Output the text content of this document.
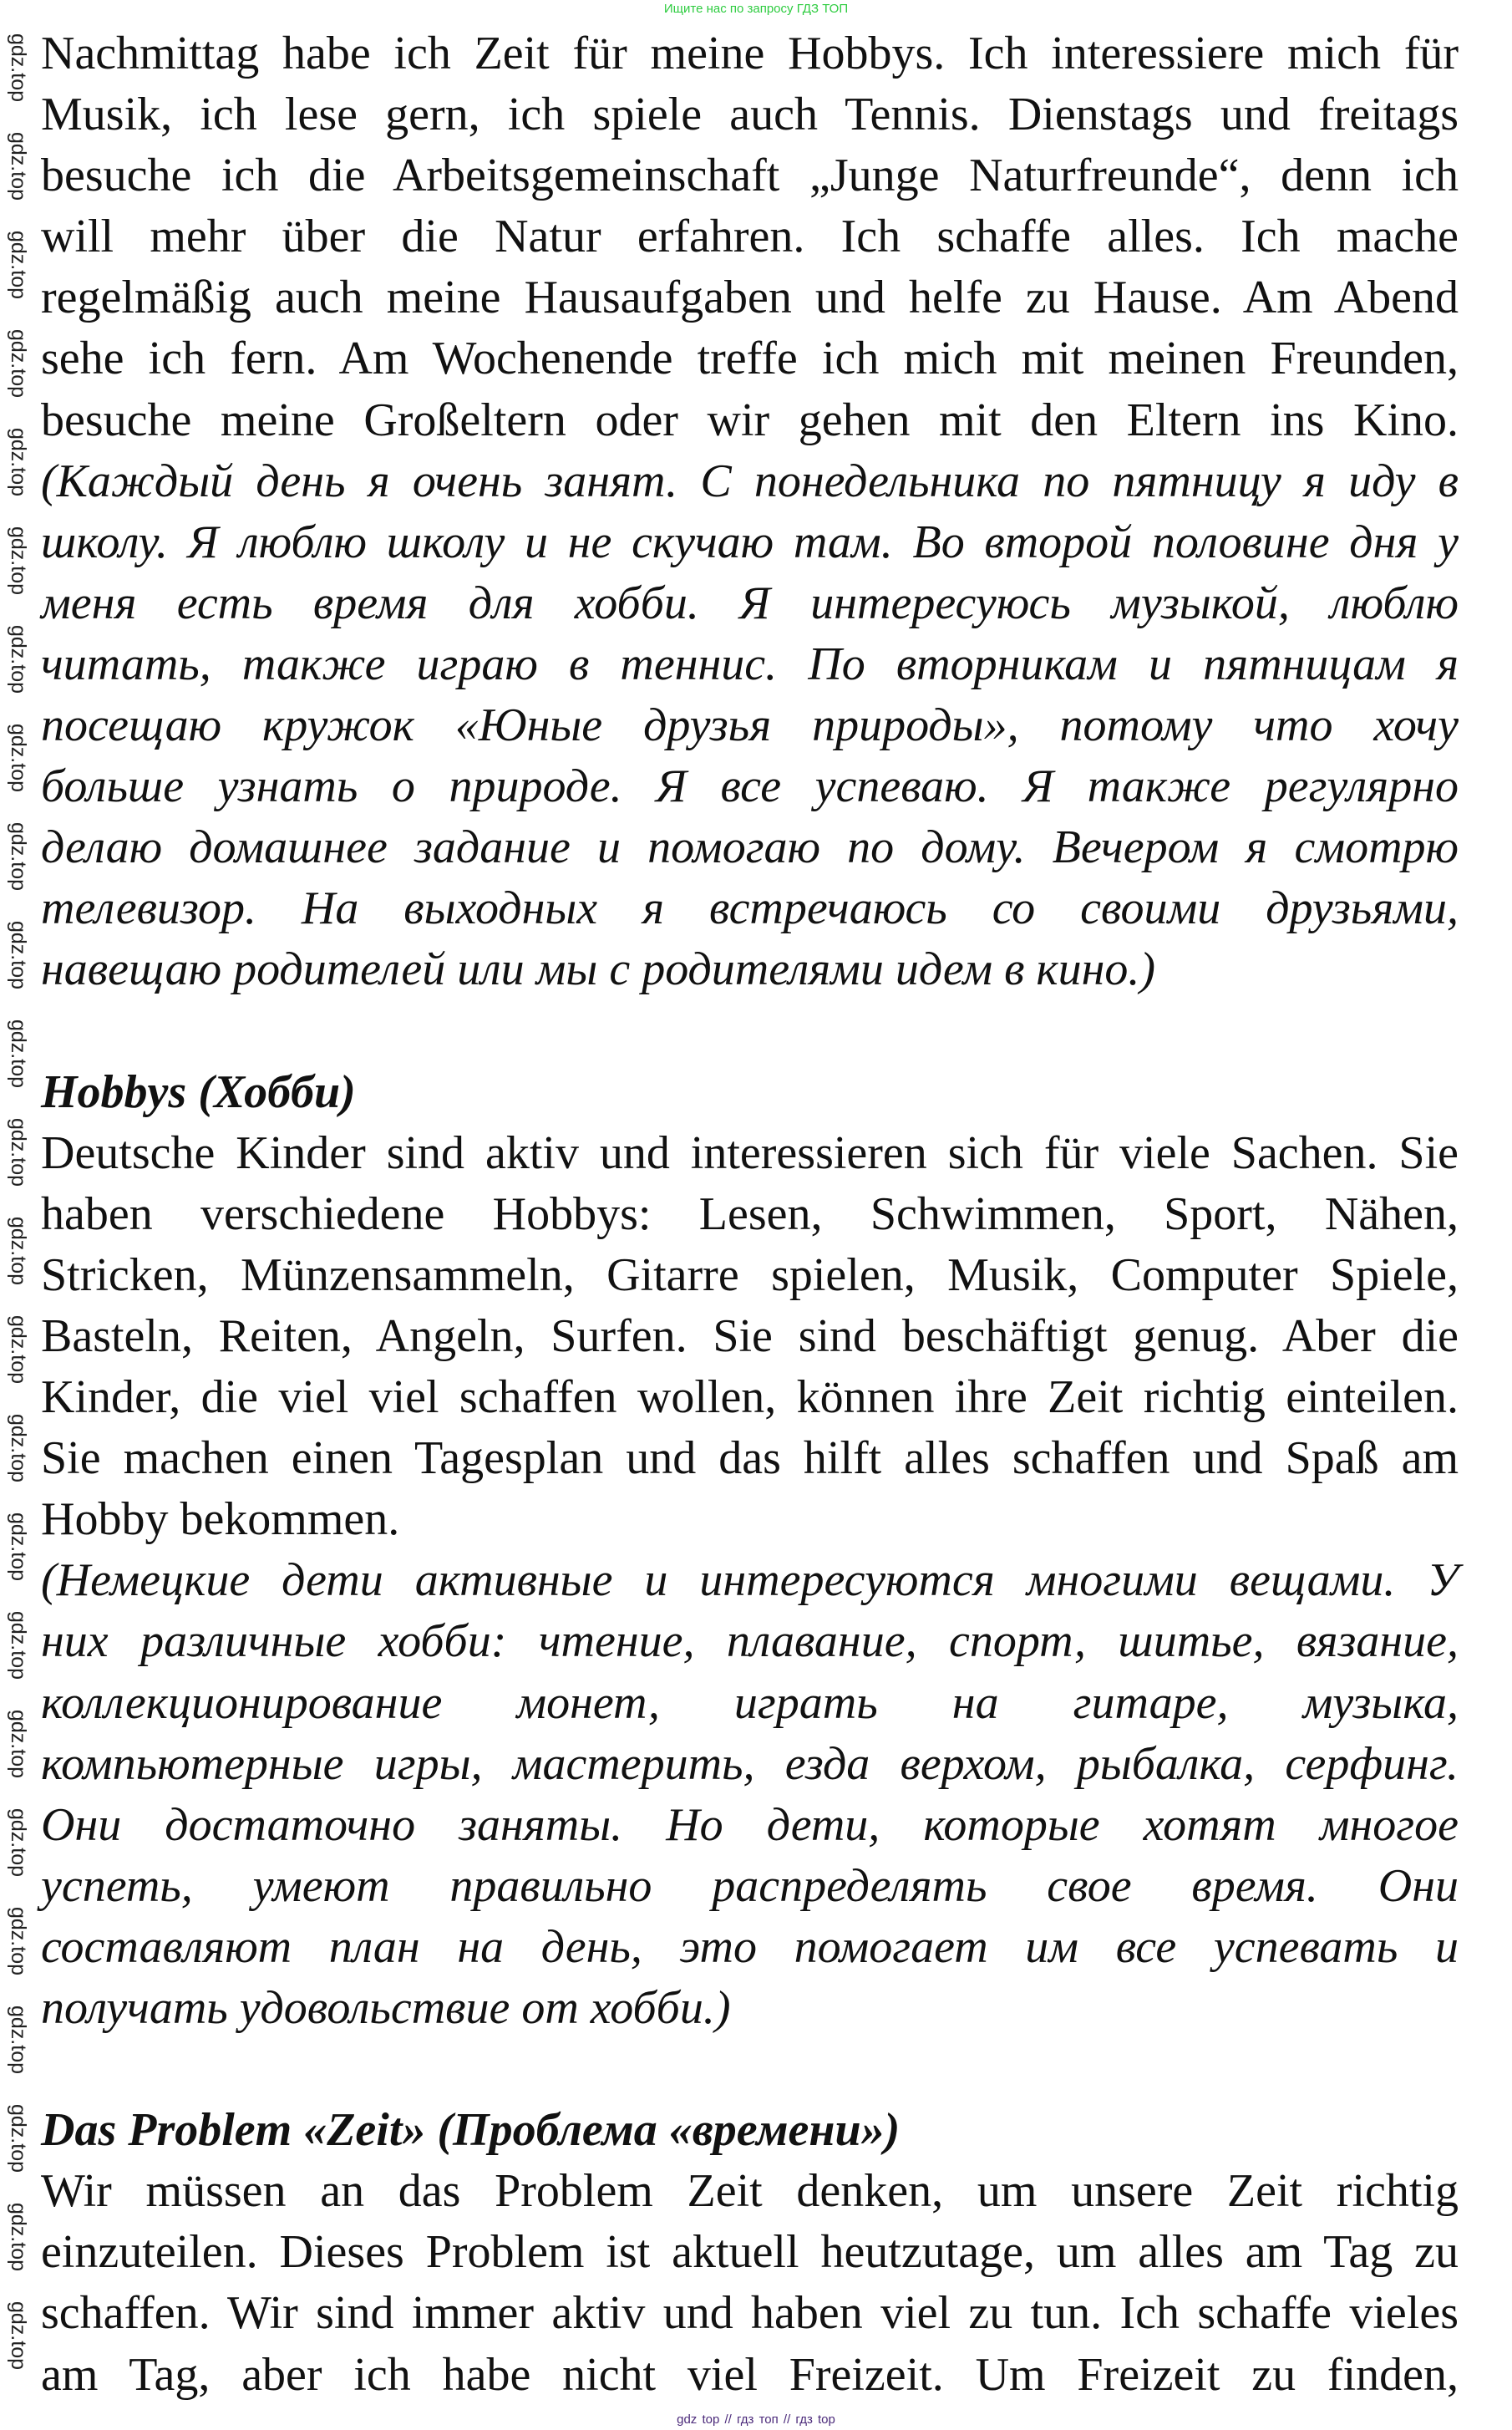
Ищите нас по запросу ГДЗ ТОП
Nachmittag habe ich Zeit für meine Hobbys. Ich interessiere mich für
Musik, ich lese gern, ich spiele auch Tennis. Dienstags und freitags
besuche ich die Arbeitsgemeinschaft „Junge Naturfreunde“, denn ich
will mehr über die Natur erfahren. Ich schaffe alles. Ich mache
regelmäßig auch meine Hausaufgaben und helfe zu Hause. Am Abend
sehe ich fern. Am Wochenende treffe ich mich mit meinen Freunden,
besuche meine Großeltern oder wir gehen mit den Eltern ins Kino.
(Каждый день я очень занят. С понедельника по пятницу я иду в
школу. Я люблю школу и не скучаю там. Во второй половине дня у
меня есть время для хобби. Я интересуюсь музыкой, люблю
читать, также играю в теннис. По вторникам и пятницам я
посещаю кружок «Юные друзья природы», потому что хочу
больше узнать о природе. Я все успеваю. Я также регулярно
делаю домашнее задание и помогаю по дому. Вечером я смотрю
телевизор. На выходных я встречаюсь со своими друзьями,
навещаю родителей или мы с родителями идем в кино.)
Hobbys (Хобби)
Deutsche Kinder sind aktiv und interessieren sich für viele Sachen. Sie
haben verschiedene Hobbys: Lesen, Schwimmen, Sport, Nähen,
Stricken, Münzensammeln, Gitarre spielen, Musik, Computer Spiele,
Basteln, Reiten, Angeln, Surfen. Sie sind beschäftigt genug. Aber die
Kinder, die viel viel schaffen wollen, können ihre Zeit richtig einteilen.
Sie machen einen Tagesplan und das hilft alles schaffen und Spaß am
Hobby bekommen.
(Немецкие дети активные и интересуются многими вещами. У
них различные хобби: чтение, плавание, спорт, шитье, вязание,
коллекционирование монет, играть на гитаре, музыка,
компьютерные игры, мастерить, езда верхом, рыбалка, серфинг.
Они достаточно заняты. Но дети, которые хотят многое
успеть, умеют правильно распределять свое время. Они
составляют план на день, это помогает им все успевать и
получать удовольствие от хобби.)
Das Problem «Zeit» (Проблема «времени»)
Wir müssen an das Problem Zeit denken, um unsere Zeit richtig
einzuteilen. Dieses Problem ist aktuell heutzutage, um alles am Tag zu
schaffen. Wir sind immer aktiv und haben viel zu tun. Ich schaffe vieles
am Tag, aber ich habe nicht viel Freizeit. Um Freizeit zu finden,
gdz.top
gdz.top
gdz.top
gdz.top
gdz.top
gdz.top
gdz.top
gdz.top
gdz.top
gdz.top
gdz.top
gdz.top
gdz.top
gdz.top
gdz.top
gdz.top
gdz.top
gdz.top
gdz.top
gdz.top
gdz.top
gdz.top
gdz.top
gdz.top
gdz top // гдз топ // гдз top
